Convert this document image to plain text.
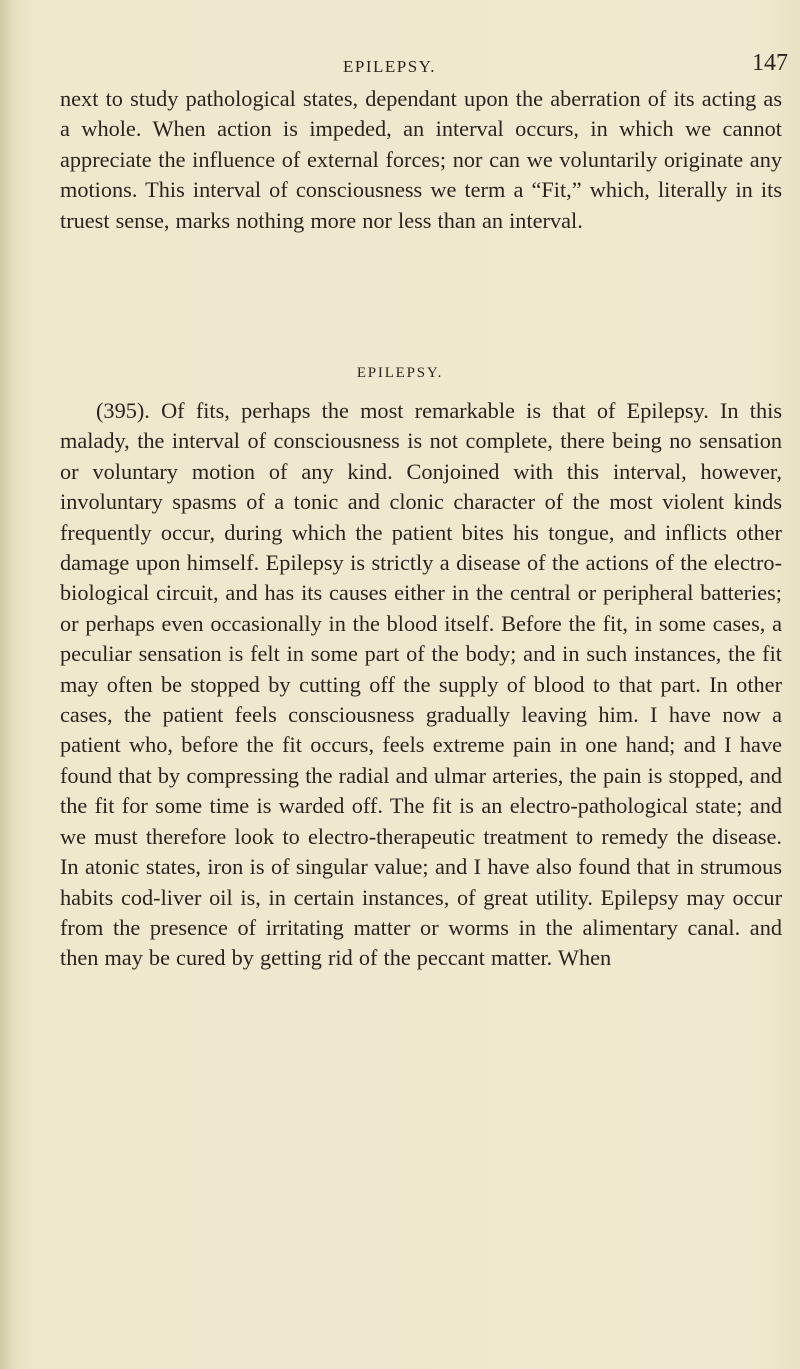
EPILEPSY.	147

next to study pathological states, dependant upon the aberration of its acting as a whole. When action is impeded, an interval occurs, in which we cannot appreciate the influence of external forces; nor can we voluntarily originate any motions. This interval of consciousness we term a “Fit,” which, literally in its truest sense, marks nothing more nor less than an interval.

EPILEPSY.

(395). Of fits, perhaps the most remarkable is that of Epilepsy. In this malady, the interval of consciousness is not complete, there being no sensation or voluntary motion of any kind. Conjoined with this interval, however, involuntary spasms of a tonic and clonic character of the most violent kinds frequently occur, during which the patient bites his tongue, and inflicts other damage upon himself. Epilepsy is strictly a disease of the actions of the electro-biological circuit, and has its causes either in the central or peripheral batteries; or perhaps even occasionally in the blood itself. Before the fit, in some cases, a peculiar sensation is felt in some part of the body; and in such instances, the fit may often be stopped by cutting off the supply of blood to that part. In other cases, the patient feels consciousness gradually leaving him. I have now a patient who, before the fit occurs, feels extreme pain in one hand; and I have found that by compressing the radial and ulmar arteries, the pain is stopped, and the fit for some time is warded off. The fit is an electro-pathological state; and we must therefore look to electro-therapeutic treatment to remedy the disease. In atonic states, iron is of singular value; and I have also found that in strumous habits cod-liver oil is, in certain instances, of great utility. Epilepsy may occur from the presence of irritating matter or worms in the alimentary canal. and then may be cured by getting rid of the peccant matter. When
